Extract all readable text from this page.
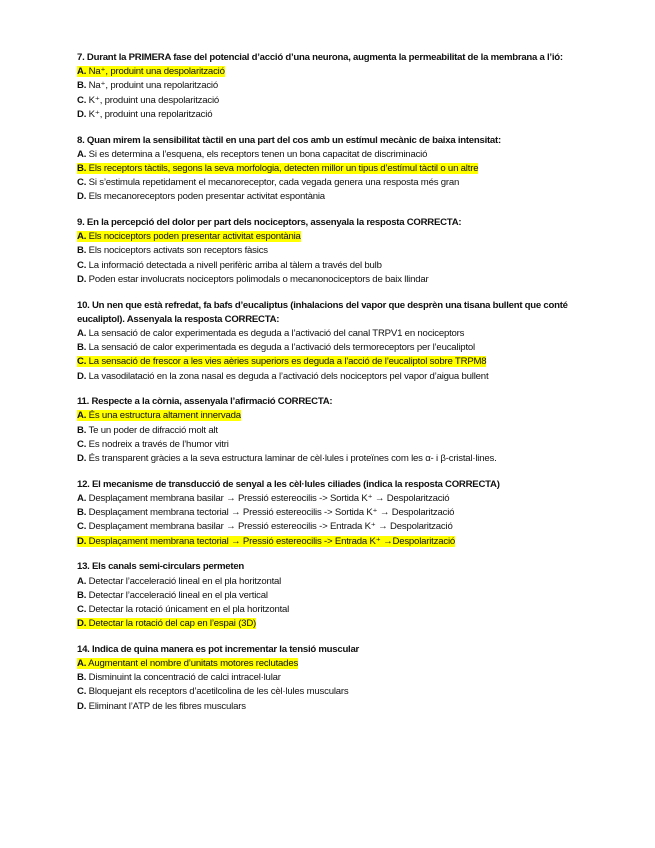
7. Durant la PRIMERA fase del potencial d’acció d’una neurona, augmenta la permeabilitat de la membrana a l’ió:
A. Na⁺, produint una despolarització
B. Na⁺, produint una repolarització
C. K⁺, produint una despolarització
D. K⁺, produint una repolarització
8. Quan mirem la sensibilitat tàctil en una part del cos amb un estímul mecànic de baixa intensitat:
A. Si es determina a l’esquena, els receptors tenen un bona capacitat de discriminació
B. Els receptors tàctils, segons la seva morfologia, detecten millor un tipus d’estímul tàctil o un altre
C. Si s’estimula repetidament el mecanoreceptor, cada vegada genera una resposta més gran
D. Els mecanoreceptors poden presentar activitat espontània
9. En la percepció del dolor per part dels nociceptors, assenyala la resposta CORRECTA:
A. Els nociceptors poden presentar activitat espontània
B. Els nociceptors activats son receptors fàsics
C. La informació detectada a nivell perifèric arriba al tàlem a través del bulb
D. Poden estar involucrats nociceptors polimodals o mecanonociceptors de baix llindar
10. Un nen que està refredat, fa bafs d’eucaliptus (inhalacions del vapor que desprèn una tisana bullent que conté eucaliptol). Assenyala la resposta CORRECTA:
A. La sensació de calor experimentada es deguda a l’activació del canal TRPV1 en nociceptors
B. La sensació de calor experimentada es deguda a l’activació dels termoreceptors per l’eucaliptol
C. La sensació de frescor a les vies aèries superiors es deguda a l’acció de l’eucaliptol sobre TRPM8
D. La vasodilatació en la zona nasal es deguda a l’activació dels nociceptors pel vapor d’aigua bullent
11. Respecte a la còrnia, assenyala l’afirmació CORRECTA:
A. És una estructura altament innervada
B. Te un poder de difracció molt alt
C. Es nodreix a través de l’humor vitri
D. És transparent gràcies a la seva estructura laminar de cèl·lules i proteïnes com les α- i β-cristal·lines.
12. El mecanisme de transducció de senyal a les cèl·lules ciliades (indica la resposta CORRECTA)
A. Desplaçament membrana basilar → Pressió estereocilis -> Sortida K⁺ → Despolarització
B. Desplaçament membrana tectorial → Pressió estereocilis -> Sortida K⁺ → Despolarització
C. Desplaçament membrana basilar → Pressió estereocilis -> Entrada K⁺ → Despolarització
D. Desplaçament membrana tectorial → Pressió estereocilis -> Entrada K⁺ →Despolarització
13. Els canals semi-circulars permeten
A. Detectar l’acceleració lineal en el pla horitzontal
B. Detectar l’acceleració lineal en el pla vertical
C. Detectar la rotació únicament en el pla horitzontal
D. Detectar la rotació del cap en l’espai (3D)
14. Indica de quina manera es pot incrementar la tensió muscular
A. Augmentant el nombre d’unitats motores reclutades
B. Disminuint la concentració de calci intracel·lular
C. Bloquejant els receptors d’acetilcolina de les cèl·lules musculars
D. Eliminant l’ATP de les fibres musculars
